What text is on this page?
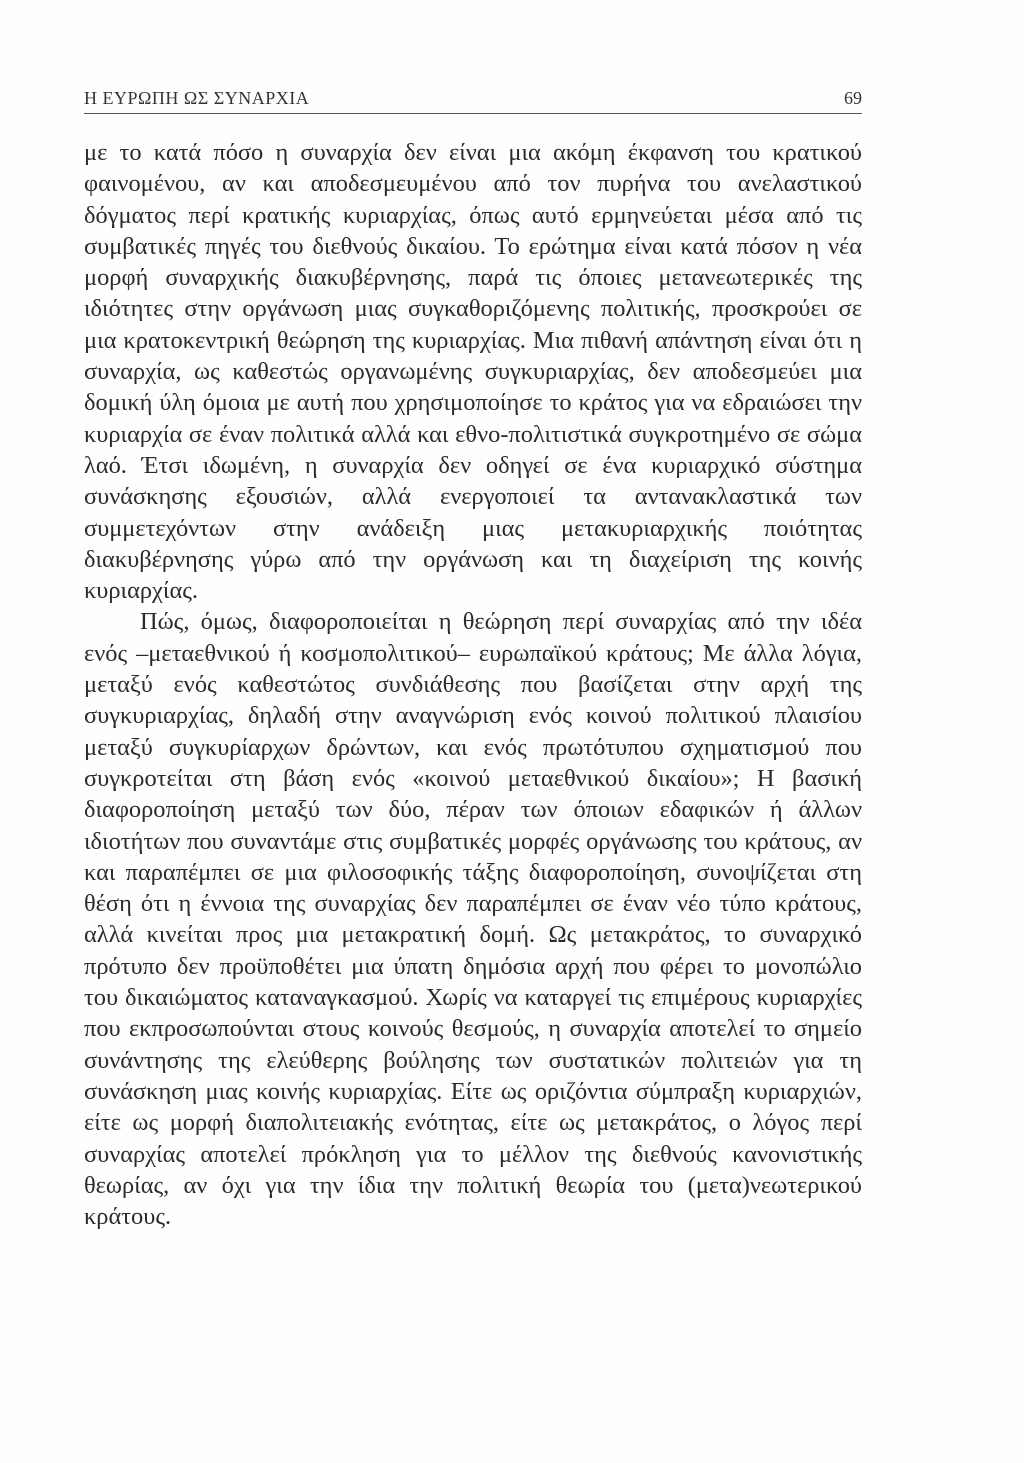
Η ΕΥΡΩΠΗ ΩΣ ΣΥΝΑΡΧΙΑ	69

με το κατά πόσο η συναρχία δεν είναι μια ακόμη έκφανση του κρατικού φαινομένου, αν και αποδεσμευμένου από τον πυρήνα του ανελαστικού δόγματος περί κρατικής κυριαρχίας, όπως αυτό ερμηνεύεται μέσα από τις συμβατικές πηγές του διεθνούς δικαίου. Το ερώτημα είναι κατά πόσον η νέα μορφή συναρχικής διακυβέρνησης, παρά τις όποιες μετανεωτερικές της ιδιότητες στην οργάνωση μιας συγκαθοριζόμενης πολιτικής, προσκρούει σε μια κρατοκεντρική θεώρηση της κυριαρχίας. Μια πιθανή απάντηση είναι ότι η συναρχία, ως καθεστώς οργανωμένης συγκυριαρχίας, δεν αποδεσμεύει μια δομική ύλη όμοια με αυτή που χρησιμοποίησε το κράτος για να εδραιώσει την κυριαρχία σε έναν πολιτικά αλλά και εθνο-πολιτιστικά συγκροτημένο σε σώμα λαό. Έτσι ιδωμένη, η συναρχία δεν οδηγεί σε ένα κυριαρχικό σύστημα συνάσκησης εξουσιών, αλλά ενεργοποιεί τα αντανακλαστικά των συμμετεχόντων στην ανάδειξη μιας μετακυριαρχικής ποιότητας διακυβέρνησης γύρω από την οργάνωση και τη διαχείριση της κοινής κυριαρχίας.

Πώς, όμως, διαφοροποιείται η θεώρηση περί συναρχίας από την ιδέα ενός –μεταεθνικού ή κοσμοπολιτικού– ευρωπαϊκού κράτους; Με άλλα λόγια, μεταξύ ενός καθεστώτος συνδιάθεσης που βασίζεται στην αρχή της συγκυριαρχίας, δηλαδή στην αναγνώριση ενός κοινού πολιτικού πλαισίου μεταξύ συγκυρίαρχων δρώντων, και ενός πρωτότυπου σχηματισμού που συγκροτείται στη βάση ενός «κοινού μεταεθνικού δικαίου»; Η βασική διαφοροποίηση μεταξύ των δύο, πέραν των όποιων εδαφικών ή άλλων ιδιοτήτων που συναντάμε στις συμβατικές μορφές οργάνωσης του κράτους, αν και παραπέμπει σε μια φιλοσοφικής τάξης διαφοροποίηση, συνοψίζεται στη θέση ότι η έννοια της συναρχίας δεν παραπέμπει σε έναν νέο τύπο κράτους, αλλά κινείται προς μια μετακρατική δομή. Ως μετακράτος, το συναρχικό πρότυπο δεν προϋποθέτει μια ύπατη δημόσια αρχή που φέρει το μονοπώλιο του δικαιώματος καταναγκασμού. Χωρίς να καταργεί τις επιμέρους κυριαρχίες που εκπροσωπούνται στους κοινούς θεσμούς, η συναρχία αποτελεί το σημείο συνάντησης της ελεύθερης βούλησης των συστατικών πολιτειών για τη συνάσκηση μιας κοινής κυριαρχίας. Είτε ως οριζόντια σύμπραξη κυριαρχιών, είτε ως μορφή διαπολιτειακής ενότητας, είτε ως μετακράτος, ο λόγος περί συναρχίας αποτελεί πρόκληση για το μέλλον της διεθνούς κανονιστικής θεωρίας, αν όχι για την ίδια την πολιτική θεωρία του (μετα)νεωτερικού κράτους.
